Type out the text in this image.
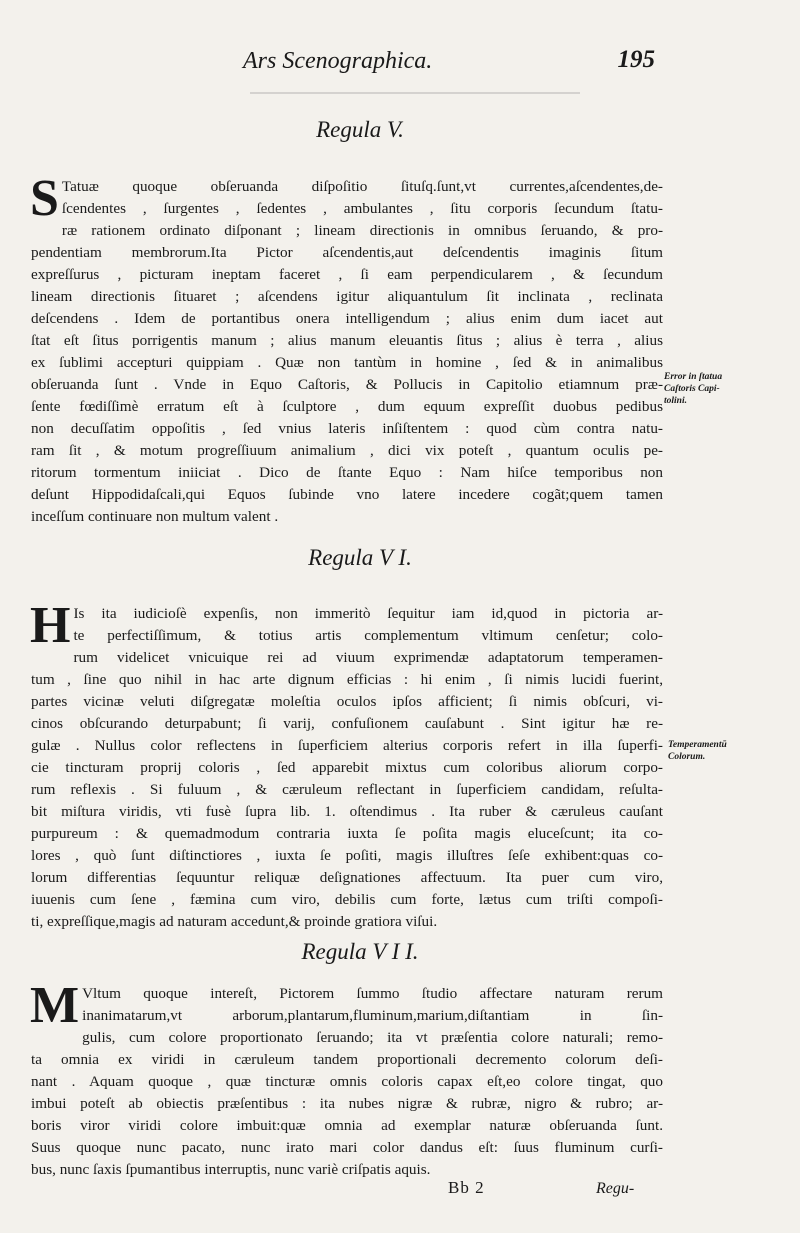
Ars Scenographica.	195
Regula V.
S Tatuæ quoque obſeruanda diſpoſitio ſituſq.ſunt,vt currentes,aſcendentes,de-
ſcendentes , ſurgentes , ſedentes , ambulantes , ſitu corporis ſecundum ſtatu-
ræ rationem ordinato diſponant ; lineam directionis in omnibus ſeruando, & pro-
pendentiam membrorum.Ita Pictor aſcendentis,aut deſcendentis imaginis ſitum
expreſſurus , picturam ineptam faceret , ſi eam perpendicularem , & ſecundum
lineam directionis ſituaret ; aſcendens igitur aliquantulum ſit inclinata , reclinata
deſcendens . Idem de portantibus onera intelligendum ; alius enim dum iacet aut
ſtat eſt ſitus porrigentis manum ; alius manum eleuantis ſitus ; alius è terra , alius
ex ſublimi accepturi quippiam . Quæ non tantùm in homine , ſed & in animalibus
obſeruanda ſunt . Vnde in Equo Caſtoris, & Pollucis in Capitolio etiamnum præ-
ſente fœdiſſimè erratum eſt à ſculptore , dum equum expreſſit duobus pedibus
non decuſſatim oppoſitis , ſed vnius lateris inſiſtentem : quod cùm contra natu-
ram ſit , & motum progreſſiuum animalium , dici vix poteſt , quantum oculis pe-
ritorum tormentum iniiciat . Dico de ſtante Equo : Nam hiſce temporibus non
deſunt Hippodidaſcali,qui Equos ſubinde vno latere incedere cogãt;quem tamen
inceſſum continuare non multum valent .
Error in ſtatua
Caſtoris Capi-
tolini.
Regula V I.
H Is ita iudicioſè expenſis, non immeritò ſequitur iam id,quod in pictoria ar-
te perfectiſſimum, & totius artis complementum vltimum cenſetur; colo-
rum videlicet vnicuique rei ad viuum exprimendæ adaptatorum temperamen-
tum , ſine quo nihil in hac arte dignum efficias : hi enim , ſi nimis lucidi fuerint,
partes vicinæ veluti diſgregatæ moleſtia oculos ipſos afficient; ſi nimis obſcuri, vi-
cinos obſcurando deturpabunt; ſi varij, confuſionem cauſabunt . Sint igitur hæ re-
gulæ . Nullus color reflectens in ſuperficiem alterius corporis refert in illa ſuperfi-
cie tincturam proprij coloris , ſed apparebit mixtus cum coloribus aliorum corpo-
rum reflexis . Si fuluum , & cæruleum reflectant in ſuperficiem candidam, reſulta-
bit miſtura viridis, vti fusè ſupra lib. 1. oſtendimus . Ita ruber & cæruleus cauſant
purpureum : & quemadmodum contraria iuxta ſe poſita magis eluceſcunt; ita co-
lores , quò ſunt diſtinctiores , iuxta ſe poſiti, magis illuſtres ſeſe exhibent:quas co-
lorum differentias ſequuntur reliquæ deſignationes affectuum. Ita puer cum viro,
iuuenis cum ſene , fæmina cum viro, debilis cum forte, lætus cum triſti compoſi-
ti, expreſſique,magis ad naturam accedunt,& proinde gratiora viſui.
Temperamentū
Colorum.
Regula V I I.
M Vltum quoque intereſt, Pictorem ſummo ſtudio affectare naturam rerum
inanimatarum,vt arborum,plantarum,fluminum,marium,diſtantiam in ſin-
gulis, cum colore proportionato ſeruando; ita vt præſentia colore naturali; remo-
ta omnia ex viridi in cæruleum tandem proportionali decremento colorum deſi-
nant . Aquam quoque , quæ tincturæ omnis coloris capax eſt,eo colore tingat, quo
imbui poteſt ab obiectis præſentibus : ita nubes nigræ & rubræ, nigro & rubro; ar-
boris viror viridi colore imbuit:quæ omnia ad exemplar naturæ obſeruanda ſunt.
Suus quoque nunc pacato, nunc irato mari color dandus eſt: ſuus fluminum curſi-
bus, nunc ſaxis ſpumantibus interruptis, nunc variè criſpatis aquis.
Bb 2	Regu-
